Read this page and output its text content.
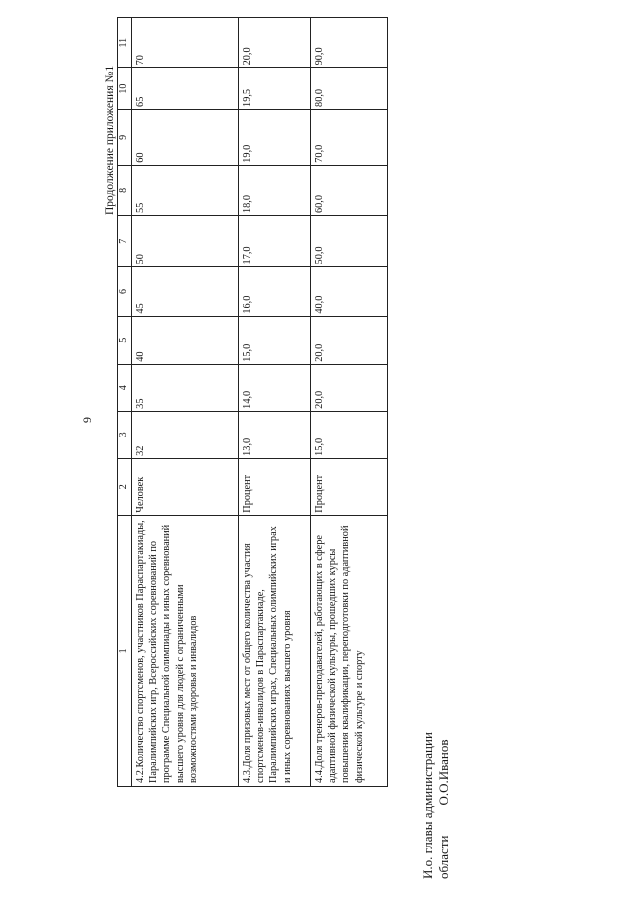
9
Продолжение приложения №1
1	2	3	4	5	6	7	8	9	10	11
4.2.Количество спортсменов, участников Параспартакиады, Паралимпийских игр, Всероссийских соревнований по программе Специальной олимпиады и иных соревнований высшего уровня для людей с ограниченными возможностями здоровья и инвалидов	Человек	32	35	40	45	50	55	60	65	70
4.3.Доля призовых мест от общего количества участия спортсменов-инвалидов в Параспартакиаде, Паралимпийских играх, Специальных олимпийских играх и иных соревнованиях высшего уровня	Процент	13,0	14,0	15,0	16,0	17,0	18,0	19,0	19,5	20,0
4.4.Доля тренеров-преподавателей, работающих в сфере адаптивной физической культуры, прошедших курсы повышения квалификации, переподготовки по адаптивной физической культуре и спорту	Процент	15,0	20,0	20,0	40,0	50,0	60,0	70,0	80,0	90,0
И.о. главы администрации областиО.О.Иванов
